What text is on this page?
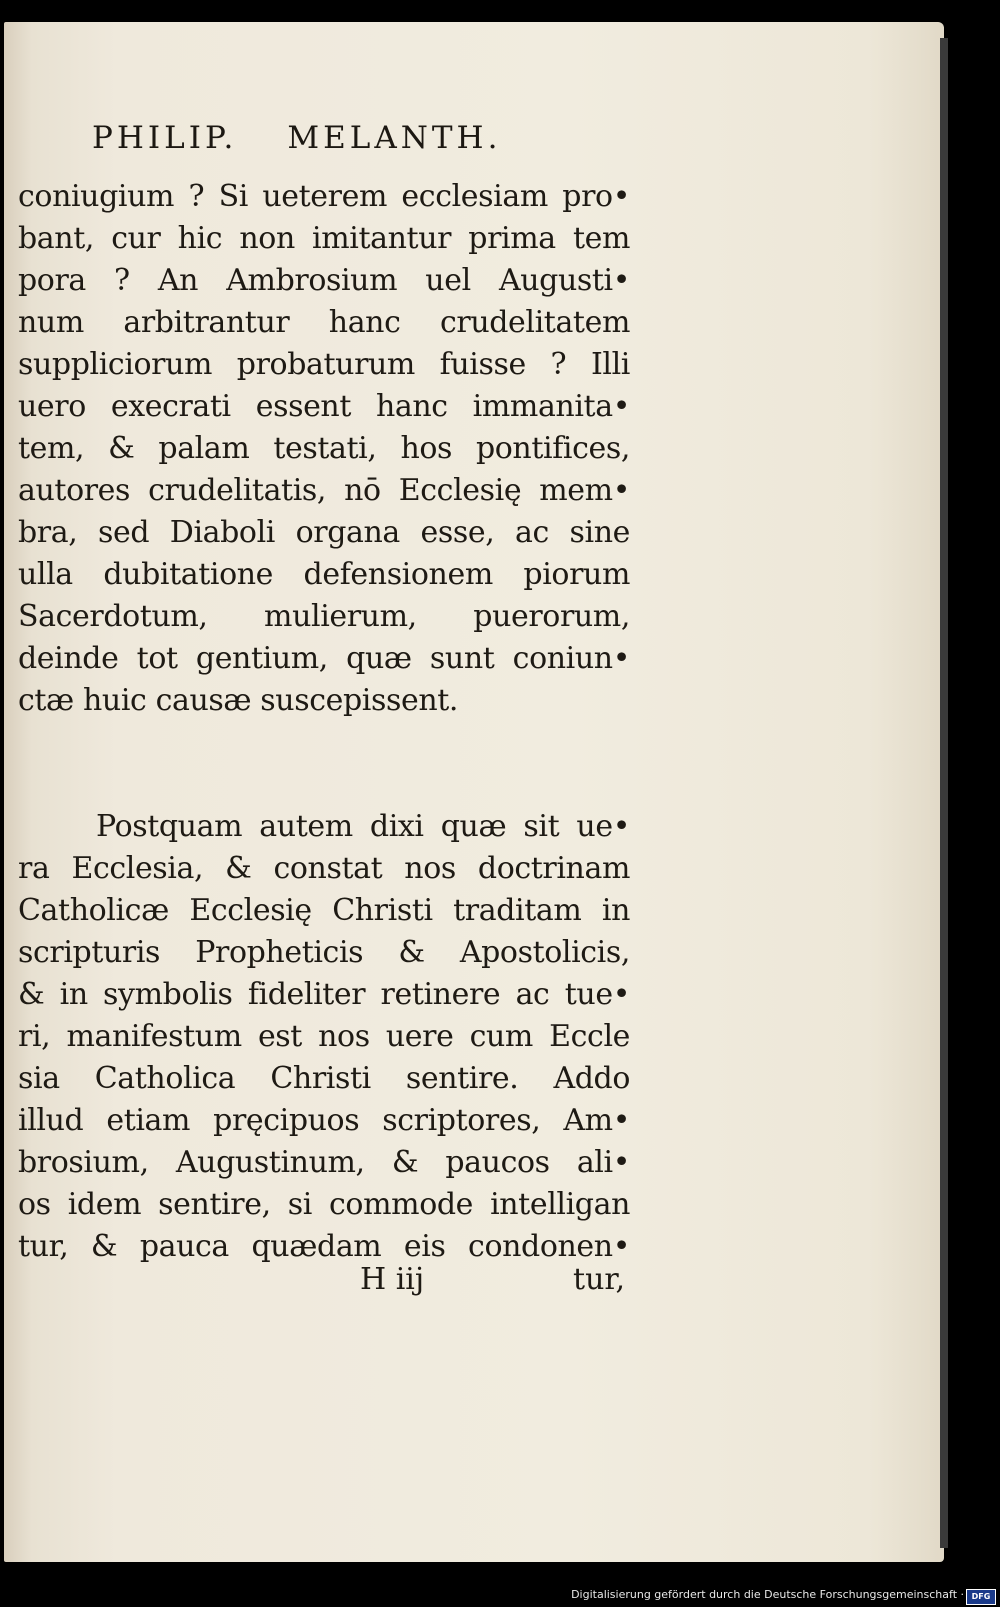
PHILIP. MELANTH.
coniugium ? Si ueterem ecclesiam pro•
bant, cur hic non imitantur prima tem
pora ? An Ambrosium uel Augusti•
num arbitrantur hanc crudelitatem
suppliciorum probaturum fuisse ? Illi
uero execrati essent hanc immanita•
tem, & palam testati, hos pontifices,
autores crudelitatis, nō Ecclesię mem•
bra, sed Diaboli organa esse, ac sine
ulla dubitatione defensionem piorum
Sacerdotum, mulierum, puerorum,
deinde tot gentium, quæ sunt coniun•
ctæ huic causæ suscepissent.
Postquam autem dixi quæ sit ue•
ra Ecclesia, & constat nos doctrinam
Catholicæ Ecclesię Christi traditam in
scripturis Propheticis & Apostolicis,
& in symbolis fideliter retinere ac tue•
ri, manifestum est nos uere cum Eccle
sia Catholica Christi sentire. Addo
illud etiam pręcipuos scriptores, Am•
brosium, Augustinum, & paucos ali•
os idem sentire, si commode intelligan
tur, & pauca quædam eis condonen•
H iij	tur,
Digitalisierung gefördert durch die Deutsche Forschungsgemeinschaft · DFG
